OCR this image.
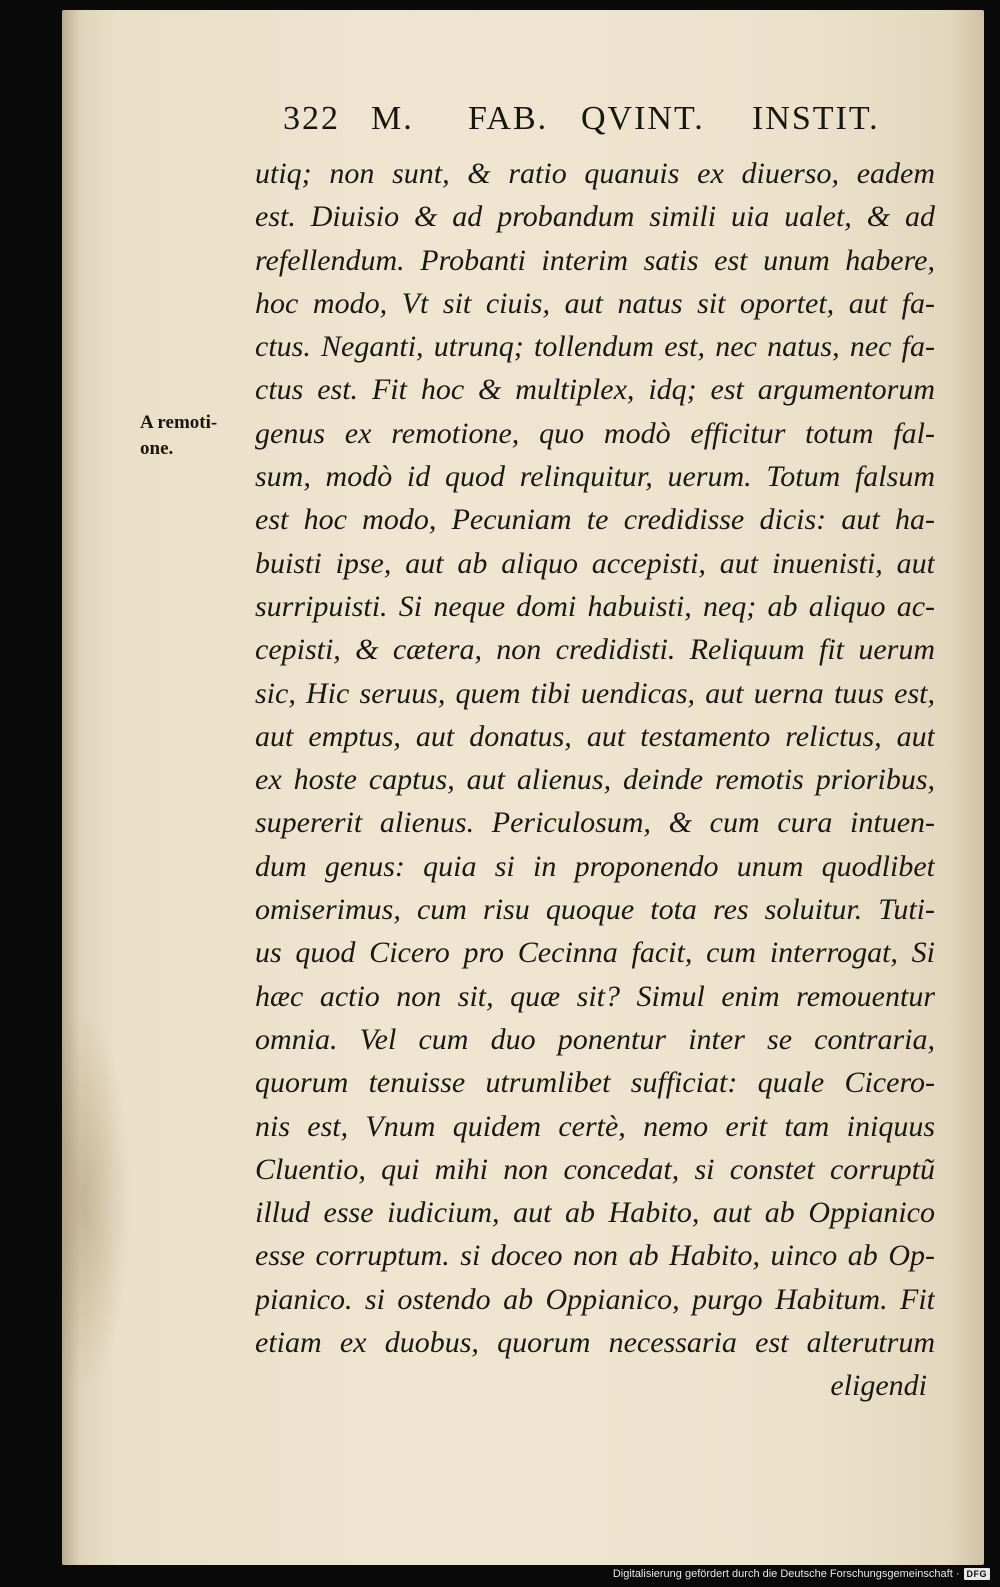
322 M. FAB. QVINT. INSTIT.
A remoti-
one.
utiq; non sunt, & ratio quanuis ex diuerso, eadem
est. Diuisio & ad probandum simili uia ualet, & ad
refellendum. Probanti interim satis est unum habere,
hoc modo, Vt sit ciuis, aut natus sit oportet, aut fa-
ctus. Neganti, utrunq; tollendum est, nec natus, nec fa-
ctus est. Fit hoc & multiplex, idq; est argumentorum
genus ex remotione, quo modò efficitur totum fal-
sum, modò id quod relinquitur, uerum. Totum falsum
est hoc modo, Pecuniam te credidisse dicis: aut ha-
buisti ipse, aut ab aliquo accepisti, aut inuenisti, aut
surripuisti. Si neque domi habuisti, neq; ab aliquo ac-
cepisti, & cætera, non credidisti. Reliquum fit uerum
sic, Hic seruus, quem tibi uendicas, aut uerna tuus est,
aut emptus, aut donatus, aut testamento relictus, aut
ex hoste captus, aut alienus, deinde remotis prioribus,
supererit alienus. Periculosum, & cum cura intuen-
dum genus: quia si in proponendo unum quodlibet
omiserimus, cum risu quoque tota res soluitur. Tuti-
us quod Cicero pro Cecinna facit, cum interrogat, Si
hæc actio non sit, quæ sit? Simul enim remouentur
omnia. Vel cum duo ponentur inter se contraria,
quorum tenuisse utrumlibet sufficiat: quale Cicero-
nis est, Vnum quidem certè, nemo erit tam iniquus
Cluentio, qui mihi non concedat, si constet corruptũ
illud esse iudicium, aut ab Habito, aut ab Oppianico
esse corruptum. si doceo non ab Habito, uinco ab Op-
pianico. si ostendo ab Oppianico, purgo Habitum. Fit
etiam ex duobus, quorum necessaria est alterutrum
eligendi
Digitalisierung gefördert durch die Deutsche Forschungsgemeinschaft · DFG
